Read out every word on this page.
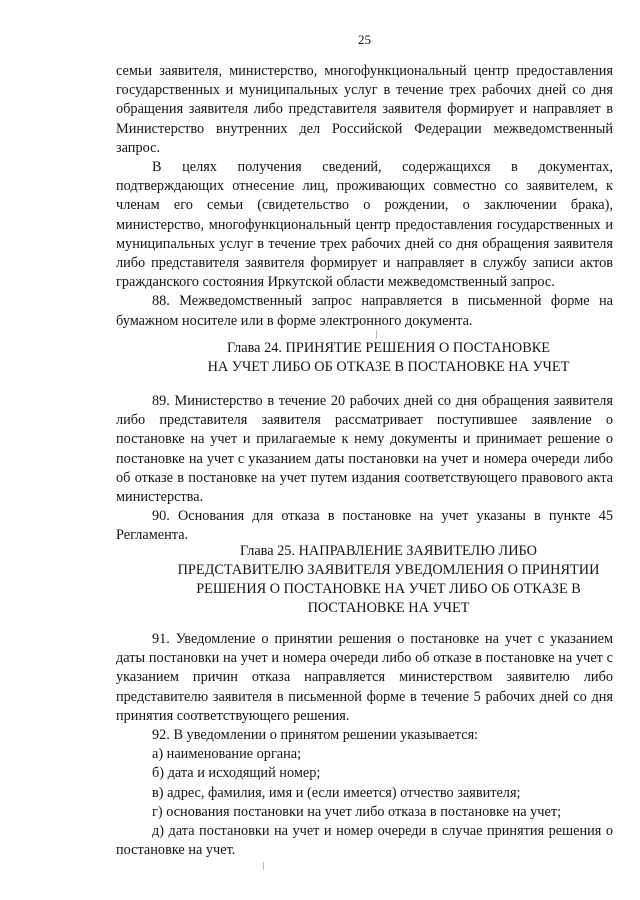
25

семьи заявителя, министерство, многофункциональный центр предоставления государственных и муниципальных услуг в течение трех рабочих дней со дня обращения заявителя либо представителя заявителя формирует и направляет в Министерство внутренних дел Российской Федерации межведомственный запрос.

В целях получения сведений, содержащихся в документах, подтверждающих отнесение лиц, проживающих совместно со заявителем, к членам его семьи (свидетельство о рождении, о заключении брака), министерство, многофункциональный центр предоставления государственных и муниципальных услуг в течение трех рабочих дней со дня обращения заявителя либо представителя заявителя формирует и направляет в службу записи актов гражданского состояния Иркутской области межведомственный запрос.

88. Межведомственный запрос направляется в письменной форме на бумажном носителе или в форме электронного документа.

Глава 24. ПРИНЯТИЕ РЕШЕНИЯ О ПОСТАНОВКЕ
НА УЧЕТ ЛИБО ОБ ОТКАЗЕ В ПОСТАНОВКЕ НА УЧЕТ

89. Министерство в течение 20 рабочих дней со дня обращения заявителя либо представителя заявителя рассматривает поступившее заявление о постановке на учет и прилагаемые к нему документы и принимает решение о постановке на учет с указанием даты постановки на учет и номера очереди либо об отказе в постановке на учет путем издания соответствующего правового акта министерства.

90. Основания для отказа в постановке на учет указаны в пункте 45 Регламента.

Глава 25. НАПРАВЛЕНИЕ ЗАЯВИТЕЛЮ ЛИБО
ПРЕДСТАВИТЕЛЮ ЗАЯВИТЕЛЯ УВЕДОМЛЕНИЯ О ПРИНЯТИИ
РЕШЕНИЯ О ПОСТАНОВКЕ НА УЧЕТ ЛИБО ОБ ОТКАЗЕ В
ПОСТАНОВКЕ НА УЧЕТ

91. Уведомление о принятии решения о постановке на учет с указанием даты постановки на учет и номера очереди либо об отказе в постановке на учет с указанием причин отказа направляется министерством заявителю либо представителю заявителя в письменной форме в течение 5 рабочих дней со дня принятия соответствующего решения.

92. В уведомлении о принятом решении указывается:

а) наименование органа;

б) дата и исходящий номер;

в) адрес, фамилия, имя и (если имеется) отчество заявителя;

г) основания постановки на учет либо отказа в постановке на учет;

д) дата постановки на учет и номер очереди в случае принятия решения о постановке на учет.
